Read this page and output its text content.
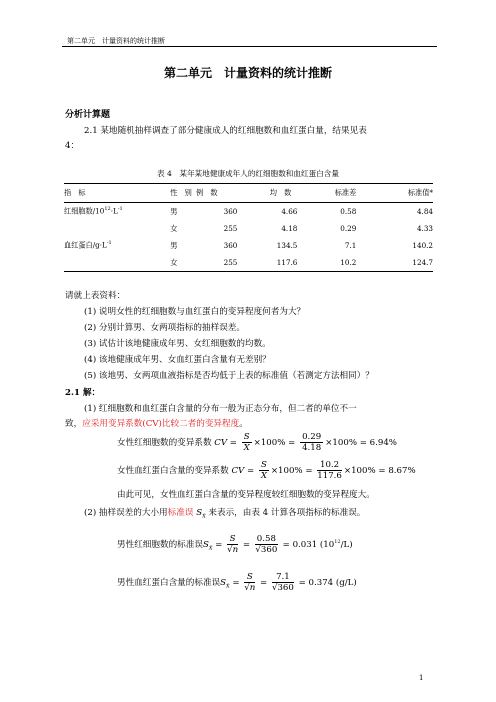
第二单元　计量资料的统计推断
第二单元　计量资料的统计推断
分析计算题
2.1 某地随机抽样调查了部分健康成人的红细胞数和血红蛋白量，结果见表
4：
表 4　某年某地健康成年人的红细胞数和血红蛋白含量
指　标	性　别	例　数	均　数	标准差	标准值*
红细胞数$/10^{12}\cdot L^{-1}$	男	360	4.66	0.58	4.84
	女	255	4.18	0.29	4.33
血红蛋白$/g\cdot L^{-1}$	男	360	134.5	7.1	140.2
	女	255	117.6	10.2	124.7
请就上表资料：
(1) 说明女性的红细胞数与血红蛋白的变异程度何者为大？
(2) 分别计算男、女两项指标的抽样误差。
(3) 试估计该地健康成年男、女红细胞数的均数。
(4) 该地健康成年男、女血红蛋白含量有无差别？
(5) 该地男、女两项血液指标是否均低于上表的标准值（若测定方法相同）？
2.1 解：
(1) 红细胞数和血红蛋白含量的分布一般为正态分布，但二者的单位不一
致，应采用变异系数(CV)比较二者的变异程度。
女性红细胞数的变异系数 CV = $\frac{S}{X̄} \times 100\% = \frac{0.29}{4.18} \times 100\% = 6.94\%$
女性血红蛋白含量的变异系数 CV = $\frac{S}{X̄} \times 100\% = \frac{10.2}{117.6} \times 100\% = 8.67\%$
由此可见，女性血红蛋白含量的变异程度较红细胞数的变异程度大。
(2) 抽样误差的大小用标准误 $S_{X̄}$ 来表示，由表 4 计算各项指标的标准误。
男性红细胞数的标准误$S_{X̄} = \frac{S}{√n} = \frac{0.58}{√360} = 0.031$ $(10^{12}/L)$
男性血红蛋白含量的标准误$S_{X̄} = \frac{S}{√n} = \frac{7.1}{√360} = 0.374$ (g/L)
1
